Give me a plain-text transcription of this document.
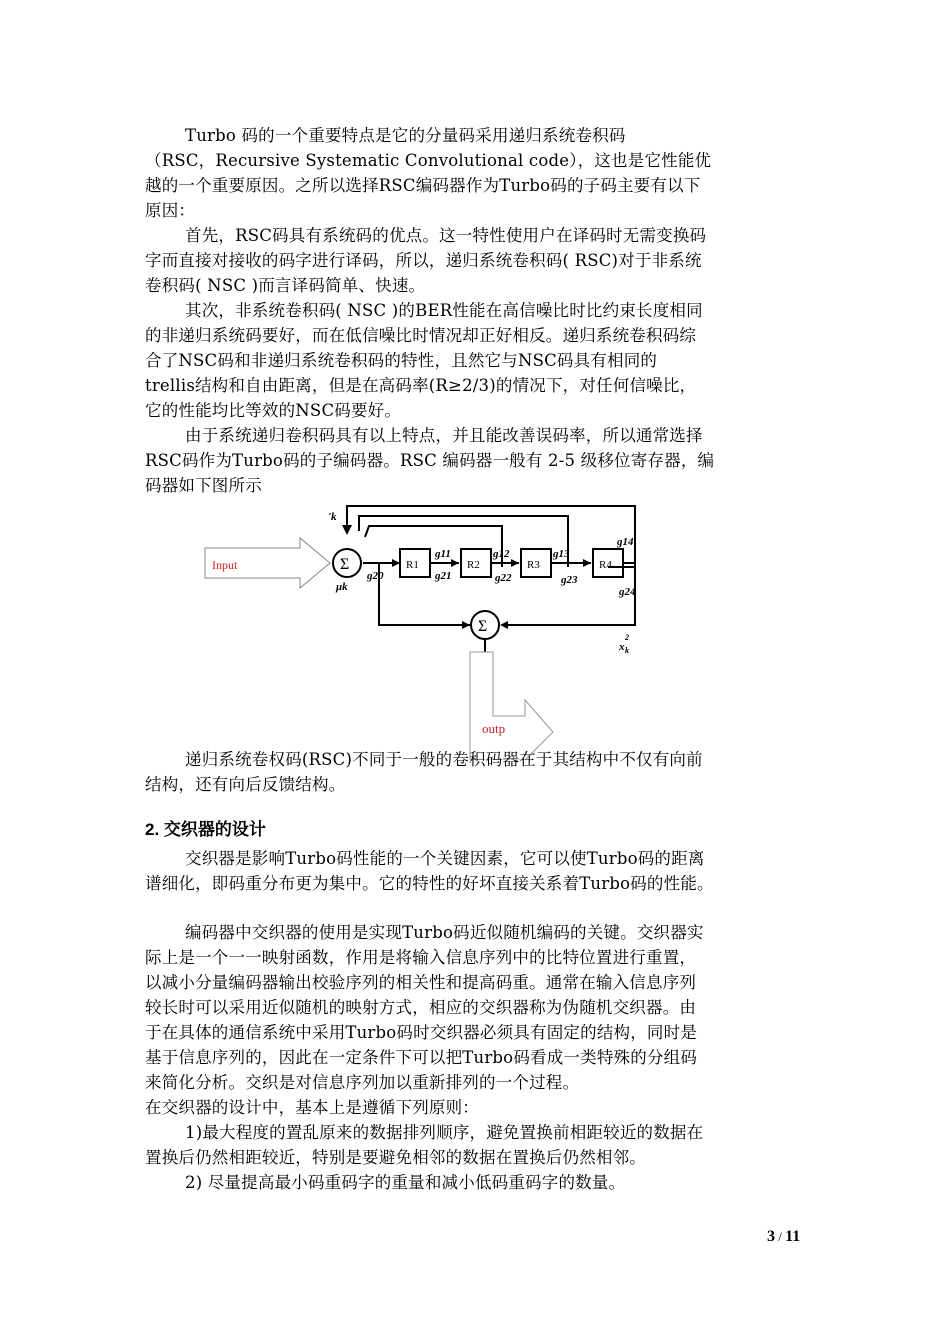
Turbo 码的一个重要特点是它的分量码采用递归系统卷积码
（RSC，Recursive Systematic Convolutional code），这也是它性能优
越的一个重要原因。之所以选择RSC编码器作为Turbo码的子码主要有以下
原因：
首先，RSC码具有系统码的优点。这一特性使用户在译码时无需变换码
字而直接对接收的码字进行译码，所以，递归系统卷积码( RSC)对于非系统
卷积码( NSC )而言译码简单、快速。
其次，非系统卷积码( NSC )的BER性能在高信噪比时比约束长度相同
的非递归系统码要好，而在低信噪比时情况却正好相反。递归系统卷积码综
合了NSC码和非递归系统卷积码的特性，且然它与NSC码具有相同的
trellis结构和自由距离，但是在高码率(R≥2/3)的情况下，对任何信噪比，
它的性能均比等效的NSC码要好。
由于系统递归卷积码具有以上特点，并且能改善误码率，所以通常选择
RSC码作为Turbo码的子编码器。RSC 编码器一般有 2-5 级移位寄存器，编
码器如下图所示
Input
outp
Σ
Σ
R1	R2	R3	R4
g11	g12	g13
g14
g20	g21	g22	g23
g24
μk
'k
x
2
k
递归系统卷权码(RSC)不同于一般的卷积码器在于其结构中不仅有向前
结构，还有向后反馈结构。
2. 交织器的设计
交织器是影响Turbo码性能的一个关键因素，它可以使Turbo码的距离
谱细化，即码重分布更为集中。它的特性的好坏直接关系着Turbo码的性能。
编码器中交织器的使用是实现Turbo码近似随机编码的关键。交织器实
际上是一个一一映射函数，作用是将输入信息序列中的比特位置进行重置，
以减小分量编码器输出校验序列的相关性和提高码重。通常在输入信息序列
较长时可以采用近似随机的映射方式，相应的交织器称为伪随机交织器。由
于在具体的通信系统中采用Turbo码时交织器必须具有固定的结构，同时是
基于信息序列的，因此在一定条件下可以把Turbo码看成一类特殊的分组码
来简化分析。交织是对信息序列加以重新排列的一个过程。
在交织器的设计中，基本上是遵循下列原则：
1)最大程度的置乱原来的数据排列顺序，避免置换前相距较近的数据在
置换后仍然相距较近，特别是要避免相邻的数据在置换后仍然相邻。
2) 尽量提高最小码重码字的重量和减小低码重码字的数量。
3 / 11
